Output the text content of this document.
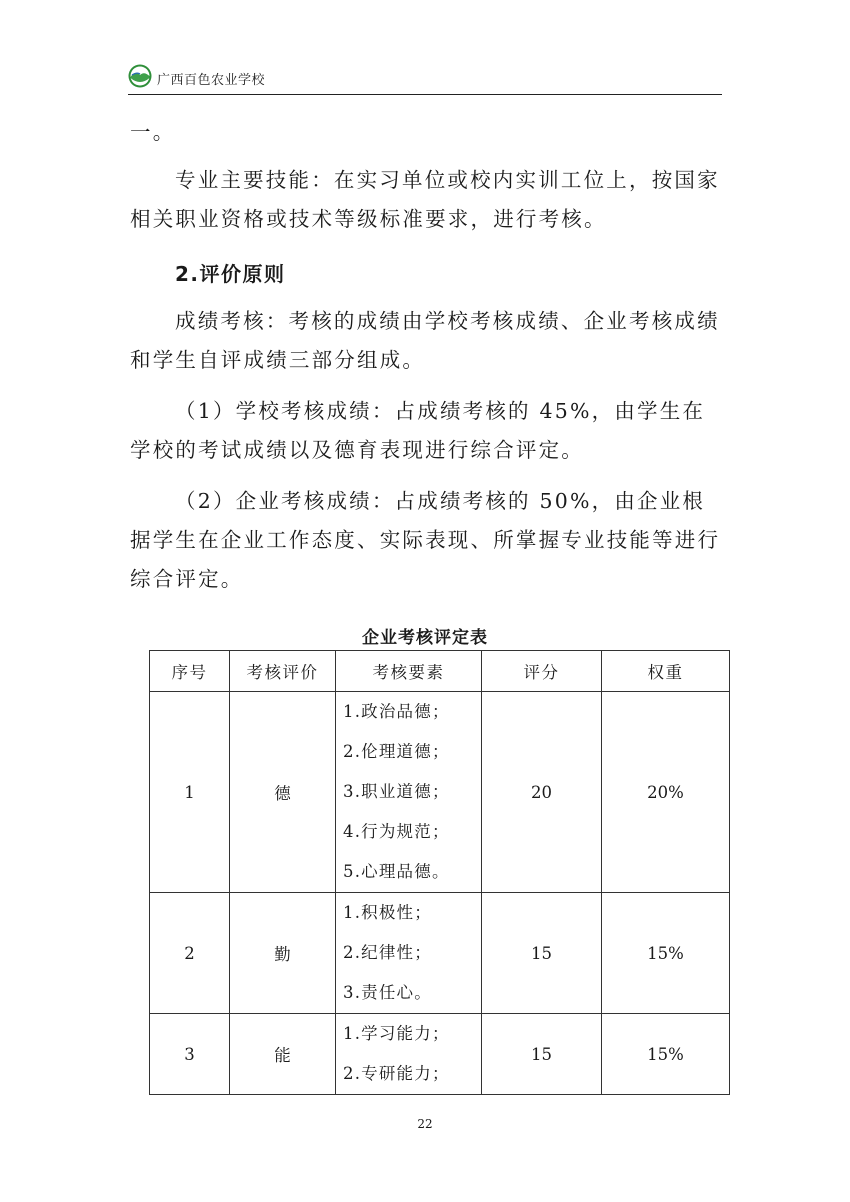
广西百色农业学校

一。

专业主要技能：在实习单位或校内实训工位上，按国家相关职业资格或技术等级标准要求，进行考核。

2.评价原则

成绩考核：考核的成绩由学校考核成绩、企业考核成绩和学生自评成绩三部分组成。

（1）学校考核成绩：占成绩考核的 45%，由学生在学校的考试成绩以及德育表现进行综合评定。

（2）企业考核成绩：占成绩考核的 50%，由企业根据学生在企业工作态度、实际表现、所掌握专业技能等进行综合评定。

企业考核评定表
序号	考核评价	考核要素	评分	权重
1	德	1.政治品德；
2.伦理道德；
3.职业道德；
4.行为规范；
5.心理品德。	20	20%
2	勤	1.积极性；
2.纪律性；
3.责任心。	15	15%
3	能	1.学习能力；
2.专研能力；	15	15%
22
